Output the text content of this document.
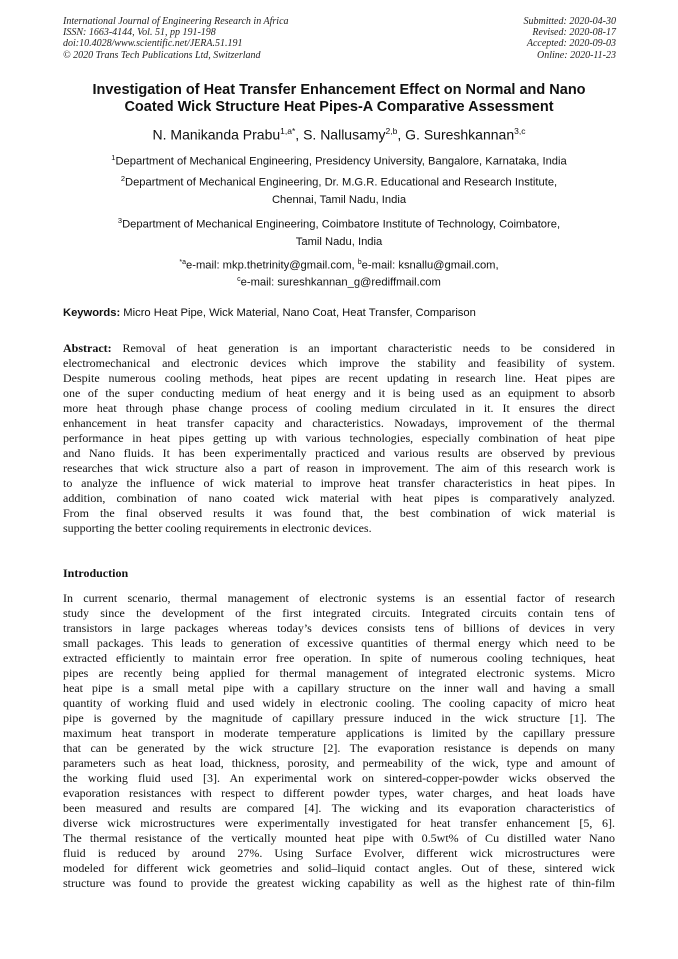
International Journal of Engineering Research in Africa
ISSN: 1663-4144, Vol. 51, pp 191-198
doi:10.4028/www.scientific.net/JERA.51.191
© 2020 Trans Tech Publications Ltd, Switzerland
Submitted: 2020-04-30
Revised: 2020-08-17
Accepted: 2020-09-03
Online: 2020-11-23
Investigation of Heat Transfer Enhancement Effect on Normal and Nano
Coated Wick Structure Heat Pipes-A Comparative Assessment
N. Manikanda Prabu$^{1,a*}$, S. Nallusamy$^{2,b}$, G. Sureshkannan$^{3,c}$
$^1$Department of Mechanical Engineering, Presidency University, Bangalore, Karnataka, India
$^2$Department of Mechanical Engineering, Dr. M.G.R. Educational and Research Institute,
Chennai, Tamil Nadu, India
$^3$Department of Mechanical Engineering, Coimbatore Institute of Technology, Coimbatore,
Tamil Nadu, India
$^{*a}$e-mail: mkp.thetrinity@gmail.com, $^b$e-mail: ksnallu@gmail.com,
$^c$e-mail: sureshkannan_g@rediffmail.com
Keywords: Micro Heat Pipe, Wick Material, Nano Coat, Heat Transfer, Comparison
Abstract: Removal of heat generation is an important characteristic needs to be considered in
electromechanical and electronic devices which improve the stability and feasibility of system.
Despite numerous cooling methods, heat pipes are recent updating in research line. Heat pipes are
one of the super conducting medium of heat energy and it is being used as an equipment to absorb
more heat through phase change process of cooling medium circulated in it. It ensures the direct
enhancement in heat transfer capacity and characteristics. Nowadays, improvement of the thermal
performance in heat pipes getting up with various technologies, especially combination of heat pipe
and Nano fluids. It has been experimentally practiced and various results are observed by previous
researches that wick structure also a part of reason in improvement. The aim of this research work is
to analyze the influence of wick material to improve heat transfer characteristics in heat pipes. In
addition, combination of nano coated wick material with heat pipes is comparatively analyzed.
From the final observed results it was found that, the best combination of wick material is
supporting the better cooling requirements in electronic devices.
Introduction
In current scenario, thermal management of electronic systems is an essential factor of research
study since the development of the first integrated circuits. Integrated circuits contain tens of
transistors in large packages whereas today’s devices consists tens of billions of devices in very
small packages. This leads to generation of excessive quantities of thermal energy which need to be
extracted efficiently to maintain error free operation. In spite of numerous cooling techniques, heat
pipes are recently being applied for thermal management of integrated electronic systems. Micro
heat pipe is a small metal pipe with a capillary structure on the inner wall and having a small
quantity of working fluid and used widely in electronic cooling. The cooling capacity of micro heat
pipe is governed by the magnitude of capillary pressure induced in the wick structure [1]. The
maximum heat transport in moderate temperature applications is limited by the capillary pressure
that can be generated by the wick structure [2]. The evaporation resistance is depends on many
parameters such as heat load, thickness, porosity, and permeability of the wick, type and amount of
the working fluid used [3]. An experimental work on sintered-copper-powder wicks observed the
evaporation resistances with respect to different powder types, water charges, and heat loads have
been measured and results are compared [4]. The wicking and its evaporation characteristics of
diverse wick microstructures were experimentally investigated for heat transfer enhancement [5, 6].
The thermal resistance of the vertically mounted heat pipe with 0.5wt% of Cu distilled water Nano
fluid is reduced by around 27%. Using Surface Evolver, different wick microstructures were
modeled for different wick geometries and solid–liquid contact angles. Out of these, sintered wick
structure was found to provide the greatest wicking capability as well as the highest rate of thin-film
